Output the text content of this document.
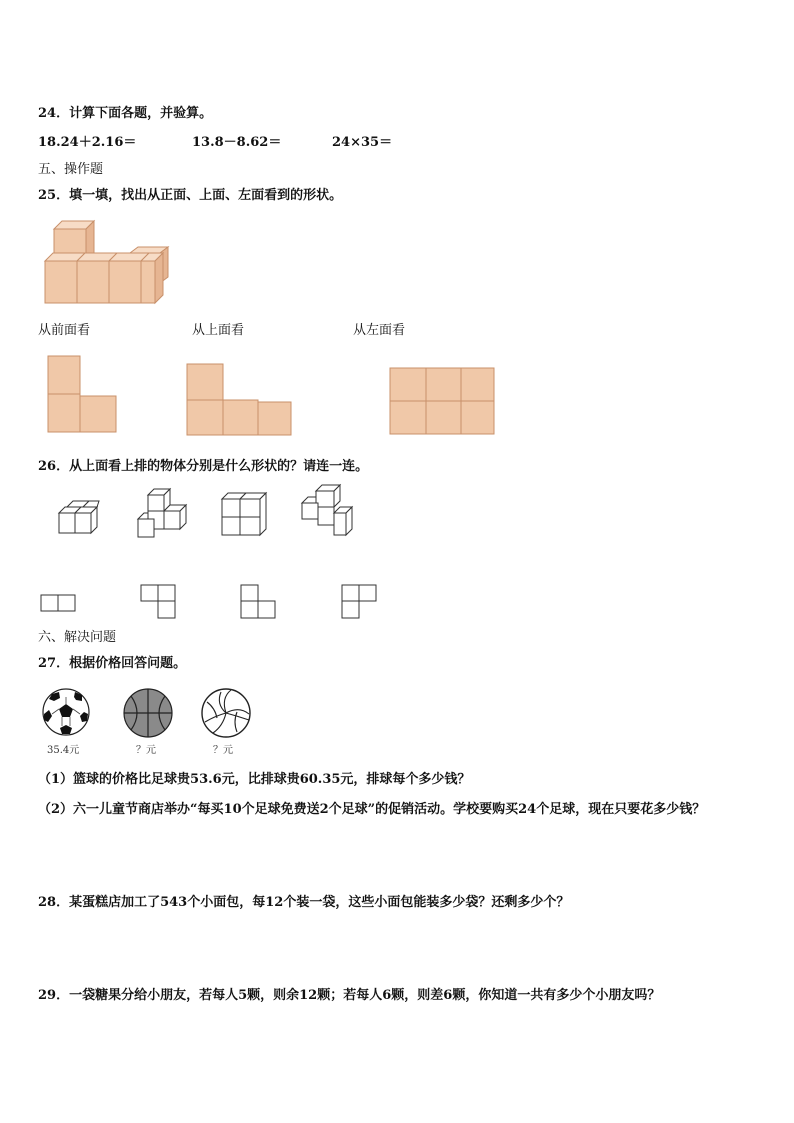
24．计算下面各题，并验算。
18.24＋2.16＝	13.8－8.62＝	24×35＝
五、操作题
25．填一填，找出从正面、上面、左面看到的形状。
从前面看	从上面看	从左面看
26．从上面看上排的物体分别是什么形状的？请连一连。
六、解决问题
27．根据价格回答问题。
35.4元	？元	？元
（1）篮球的价格比足球贵53.6元，比排球贵60.35元，排球每个多少钱？
（2）六一儿童节商店举办“每买10个足球免费送2个足球”的促销活动。学校要购买24个足球，现在只要花多少钱？
28．某蛋糕店加工了543个小面包，每12个装一袋，这些小面包能装多少袋？还剩多少个？
29．一袋糖果分给小朋友，若每人5颗，则余12颗；若每人6颗，则差6颗，你知道一共有多少个小朋友吗？
